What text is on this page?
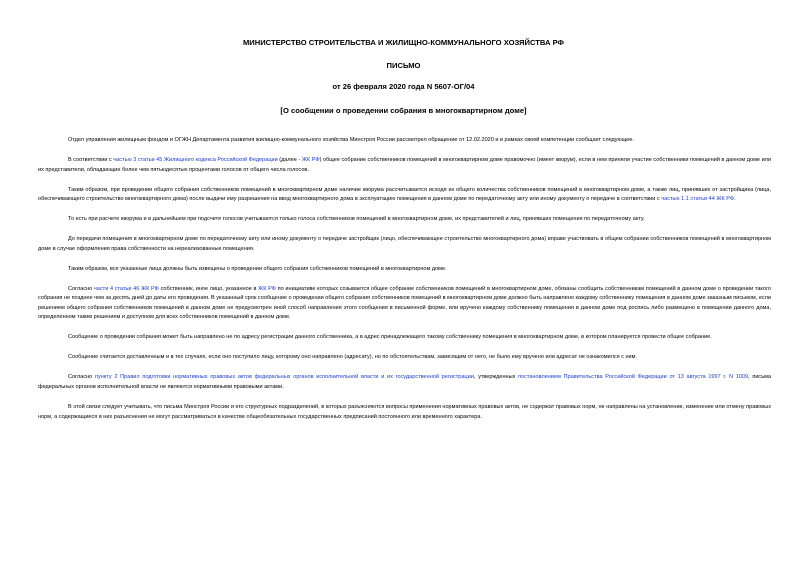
МИНИСТЕРСТВО СТРОИТЕЛЬСТВА И ЖИЛИЩНО-КОММУНАЛЬНОГО ХОЗЯЙСТВА РФ
ПИСЬМО
от 26 февраля 2020 года N 5607-ОГ/04
[О сообщении о проведении собрания в многоквартирном доме]

Отдел управления жилищным фондом и ОГЖН Департамента развития жилищно-коммунального хозяйства Минстроя России рассмотрел обращение от 12.02.2020 и в рамках своей компетенции сообщает следующее.

В соответствии с частью 3 статьи 45 Жилищного кодекса Российской Федерации (далее - ЖК РФ) общее собрание собственников помещений в многоквартирном доме правомочно (имеет кворум), если в нем приняли участие собственники помещений в данном доме или их представители, обладающие более чем пятьюдесятью процентами голосов от общего числа голосов.

Таким образом, при проведении общего собрания собственников помещений в многоквартирном доме наличие кворума рассчитывается исходя из общего количества собственников помещений в многоквартирном доме, а также лиц, принявших от застройщика (лица, обеспечивающего строительство многоквартирного дома) после выдачи ему разрешения на ввод многоквартирного дома в эксплуатацию помещения в данном доме по передаточному акту или иному документу о передаче в соответствии с частью 1.1 статьи 44 ЖК РФ.

То есть при расчете кворума и в дальнейшем при подсчете голосов учитываются только голоса собственников помещений в многоквартирном доме, их представителей и лиц, принявших помещения по передаточному акту.

До передачи помещения в многоквартирном доме по передаточному акту или иному документу о передаче застройщик (лицо, обеспечивающее строительство многоквартирного дома) вправе участвовать в общем собрании собственников помещений в многоквартирном доме в случае оформления права собственности на нереализованные помещения.

Таким образом, все указанные лица должны быть извещены о проведении общего собрания собственников помещений в многоквартирном доме.

Согласно части 4 статьи 46 ЖК РФ собственник, иное лицо, указанное в ЖК РФ по инициативе которых созывается общее собрание собственников помещений в многоквартирном доме, обязаны сообщить собственникам помещений в данном доме о проведении такого собрания не позднее чем за десять дней до даты его проведения. В указанный срок сообщение о проведении общего собрания собственников помещений в многоквартирном доме должно быть направлено каждому собственнику помещения в данном доме заказным письмом, если решением общего собрания собственников помещений в данном доме не предусмотрен иной способ направления этого сообщения в письменной форме, или вручено каждому собственнику помещения в данном доме под роспись либо размещено в помещении данного дома, определенном таким решением и доступном для всех собственников помещений в данном доме.

Сообщение о проведении собрания может быть направлено не по адресу регистрации данного собственника, а в адрес принадлежащего такому собственнику помещения в многоквартирном доме, в котором планируется провести общее собрание.

Сообщение считается доставленным и в тех случаях, если оно поступило лицу, которому оно направлено (адресату), но по обстоятельствам, зависящим от него, не было ему вручено или адресат не ознакомился с ним.

Согласно пункту 2 Правил подготовки нормативных правовых актов федеральных органов исполнительной власти и их государственной регистрации, утвержденных постановлением Правительства Российской Федерации от 13 августа 1997 г. N 1009, письма федеральных органов исполнительной власти не являются нормативными правовыми актами.

В этой связи следует учитывать, что письма Минстроя России и его структурных подразделений, в которых разъясняются вопросы применения нормативных правовых актов, не содержат правовых норм, не направлены на установление, изменение или отмену правовых норм, а содержащиеся в них разъяснения не могут рассматриваться в качестве общеобязательных государственных предписаний постоянного или временного характера.
